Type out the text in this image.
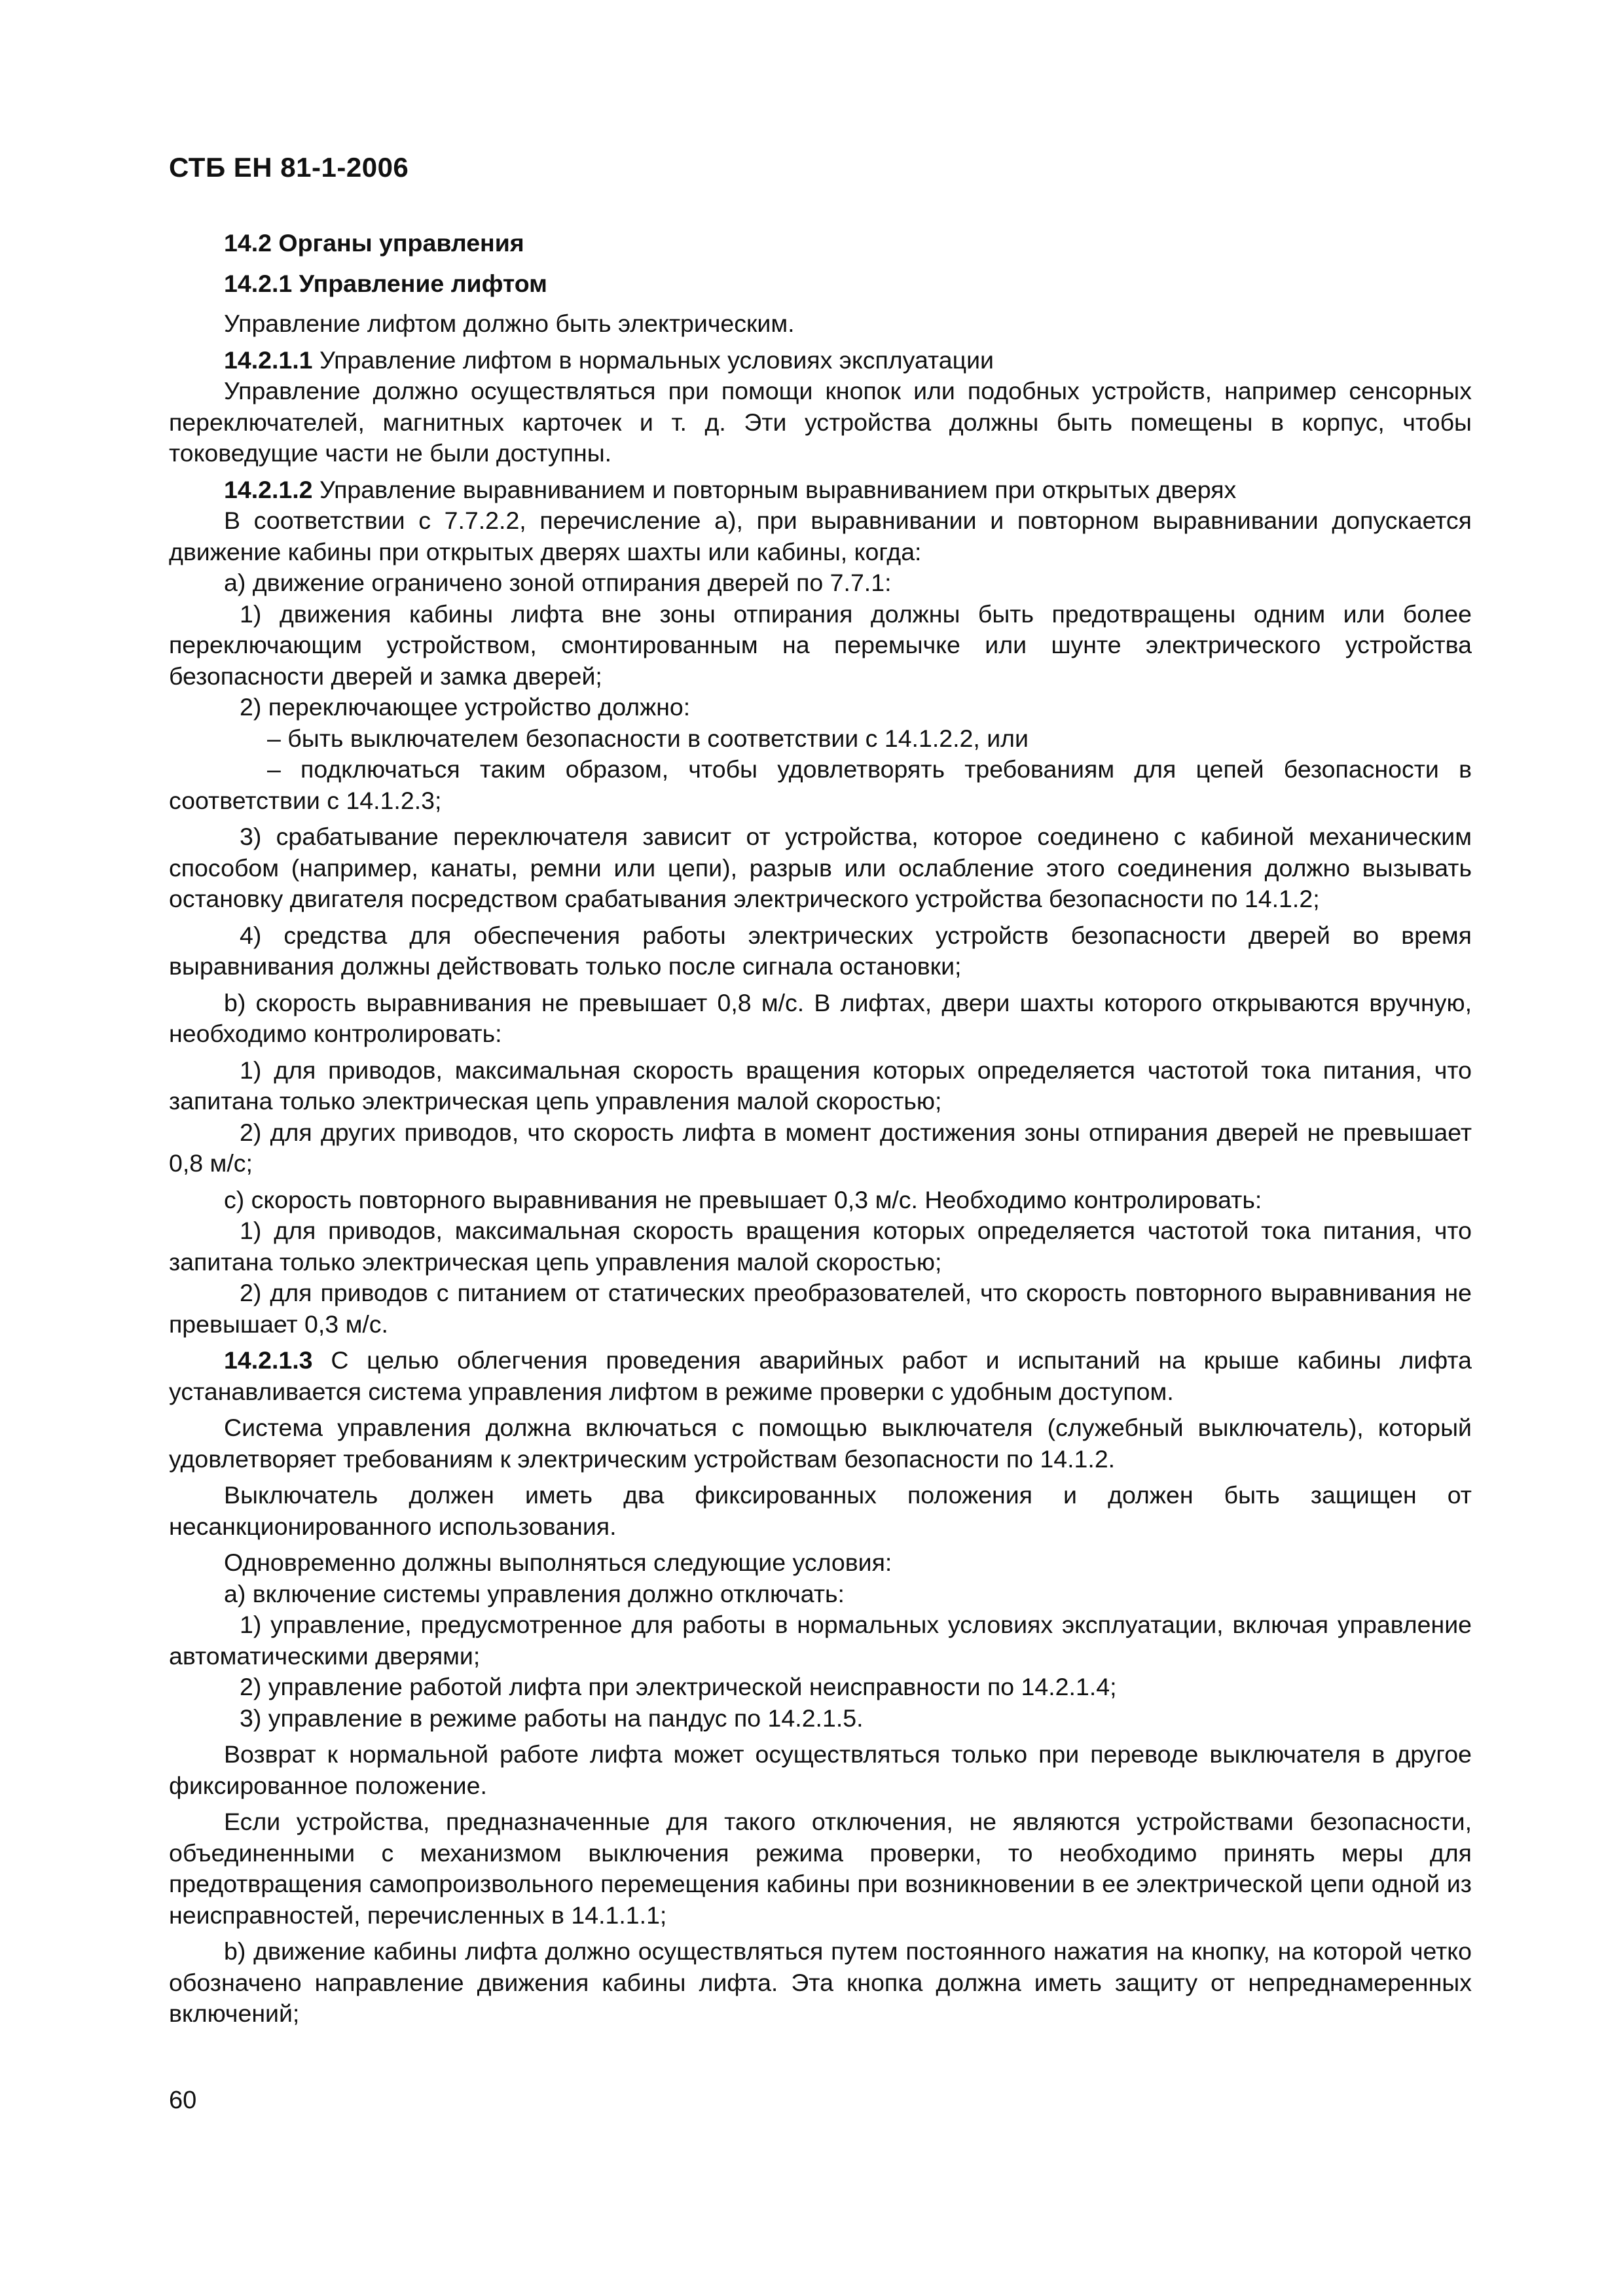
СТБ ЕН 81-1-2006

14.2 Органы управления

14.2.1 Управление лифтом

Управление лифтом должно быть электрическим.

14.2.1.1 Управление лифтом в нормальных условиях эксплуатации

Управление должно осуществляться при помощи кнопок или подобных устройств, например сенсорных переключателей, магнитных карточек и т. д. Эти устройства должны быть помещены в корпус, чтобы токоведущие части не были доступны.

14.2.1.2 Управление выравниванием и повторным выравниванием при открытых дверях

В соответствии с 7.7.2.2, перечисление а), при выравнивании и повторном выравнивании допускается движение кабины при открытых дверях шахты или кабины, когда:

а) движение ограничено зоной отпирания дверей по 7.7.1:

1) движения кабины лифта вне зоны отпирания должны быть предотвращены одним или более переключающим устройством, смонтированным на перемычке или шунте электрического устройства безопасности дверей и замка дверей;

2) переключающее устройство должно:

– быть выключателем безопасности в соответствии с 14.1.2.2, или

– подключаться таким образом, чтобы удовлетворять требованиям для цепей безопасности в соответствии с 14.1.2.3;

3) срабатывание переключателя зависит от устройства, которое соединено с кабиной механическим способом (например, канаты, ремни или цепи), разрыв или ослабление этого соединения должно вызывать остановку двигателя посредством срабатывания электрического устройства безопасности по 14.1.2;

4) средства для обеспечения работы электрических устройств безопасности дверей во время выравнивания должны действовать только после сигнала остановки;

b) скорость выравнивания не превышает 0,8 м/с. В лифтах, двери шахты которого открываются вручную, необходимо контролировать:

1) для приводов, максимальная скорость вращения которых определяется частотой тока питания, что запитана только электрическая цепь управления малой скоростью;

2) для других приводов, что скорость лифта в момент достижения зоны отпирания дверей не превышает 0,8 м/с;

с) скорость повторного выравнивания не превышает 0,3 м/с. Необходимо контролировать:

1) для приводов, максимальная скорость вращения которых определяется частотой тока питания, что запитана только электрическая цепь управления малой скоростью;

2) для приводов с питанием от статических преобразователей, что скорость повторного выравнивания не превышает 0,3 м/с.

14.2.1.3 С целью облегчения проведения аварийных работ и испытаний на крыше кабины лифта устанавливается система управления лифтом в режиме проверки с удобным доступом.

Система управления должна включаться с помощью выключателя (служебный выключатель), который удовлетворяет требованиям к электрическим устройствам безопасности по 14.1.2.

Выключатель должен иметь два фиксированных положения и должен быть защищен от несанкционированного использования.

Одновременно должны выполняться следующие условия:

а) включение системы управления должно отключать:

1) управление, предусмотренное для работы в нормальных условиях эксплуатации, включая управление автоматическими дверями;

2) управление работой лифта при электрической неисправности по 14.2.1.4;

3) управление в режиме работы на пандус по 14.2.1.5.

Возврат к нормальной работе лифта может осуществляться только при переводе выключателя в другое фиксированное положение.

Если устройства, предназначенные для такого отключения, не являются устройствами безопасности, объединенными с механизмом выключения режима проверки, то необходимо принять меры для предотвращения самопроизвольного перемещения кабины при возникновении в ее электрической цепи одной из неисправностей, перечисленных в 14.1.1.1;

b) движение кабины лифта должно осуществляться путем постоянного нажатия на кнопку, на которой четко обозначено направление движения кабины лифта. Эта кнопка должна иметь защиту от непреднамеренных включений;

60
